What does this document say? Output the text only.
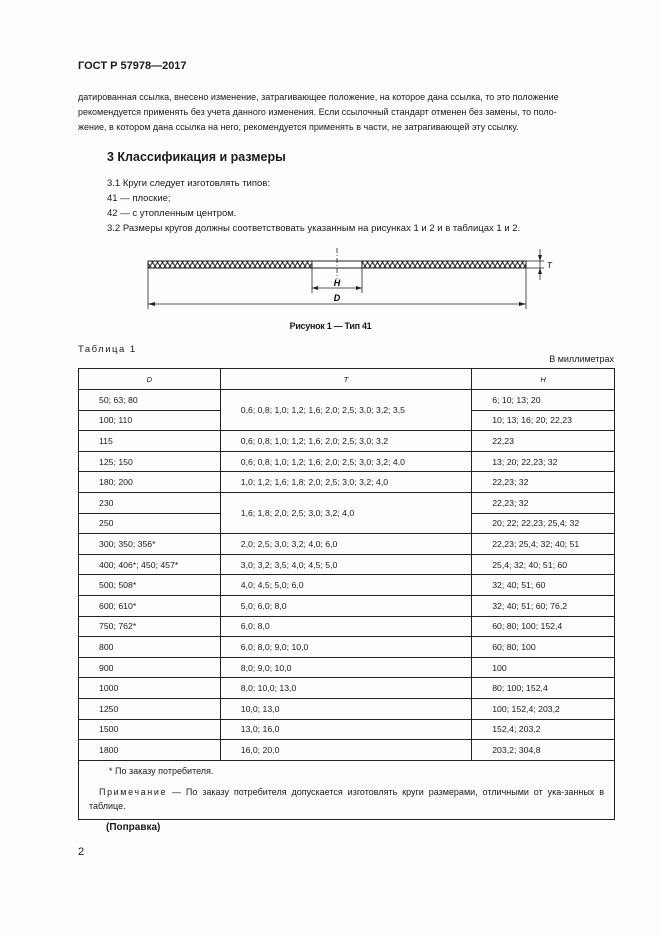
ГОСТ Р 57978—2017
датированная ссылка, внесено изменение, затрагивающее положение, на которое дана ссылка, то это положение
рекомендуется применять без учета данного изменения. Если ссылочный стандарт отменен без замены, то поло-
жение, в котором дана ссылка на него, рекомендуется применять в части, не затрагивающей эту ссылку.
3 Классификация и размеры
3.1 Круги следует изготовлять типов:
41 — плоские;
42 — с утопленным центром.
3.2 Размеры кругов должны соответствовать указанным на рисунках 1 и 2 и в таблицах 1 и 2.
H
D
T
Рисунок 1 — Тип 41
Таблица 1
В миллиметрах
D	T	H
50; 63; 80	0,6; 0,8; 1,0; 1,2; 1,6; 2,0; 2,5; 3,0; 3,2; 3,5	6; 10; 13; 20
100; 110		10; 13; 16; 20; 22,23
115	0,6; 0,8; 1,0; 1,2; 1,6; 2,0; 2,5; 3,0; 3,2	22,23
125; 150	0,6; 0,8; 1,0; 1,2; 1,6; 2,0; 2,5; 3,0; 3,2; 4,0	13; 20; 22,23; 32
180; 200	1,0; 1,2; 1,6; 1,8; 2,0; 2,5; 3,0; 3,2; 4,0	22,23; 32
230	1,6; 1,8; 2,0; 2,5; 3,0; 3,2; 4,0	22,23; 32
250		20; 22; 22,23; 25,4; 32
300; 350; 356*	2,0; 2,5; 3,0; 3,2; 4,0; 6,0	22,23; 25,4; 32; 40; 51
400; 406*; 450; 457*	3,0; 3,2; 3,5; 4,0; 4,5; 5,0	25,4; 32; 40; 51; 60
500; 508*	4,0; 4,5; 5,0; 6,0	32; 40; 51; 60
600; 610*	5,0; 6,0; 8,0	32; 40; 51; 60; 76,2
750; 762*	6,0; 8,0	60; 80; 100; 152,4
800	6,0; 8,0; 9,0; 10,0	60; 80; 100
900	8,0; 9,0; 10,0	100
1000	8,0; 10,0; 13,0	80; 100; 152,4
1250	10,0; 13,0	100; 152,4; 203,2
1500	13,0; 16,0	152,4; 203,2
1800	16,0; 20,0	203,2; 304,8

* По заказу потребителя.
Примечание — По заказу потребителя допускается изготовлять круги размерами, отличными от ука-занных в таблице.		
(Поправка)
2
